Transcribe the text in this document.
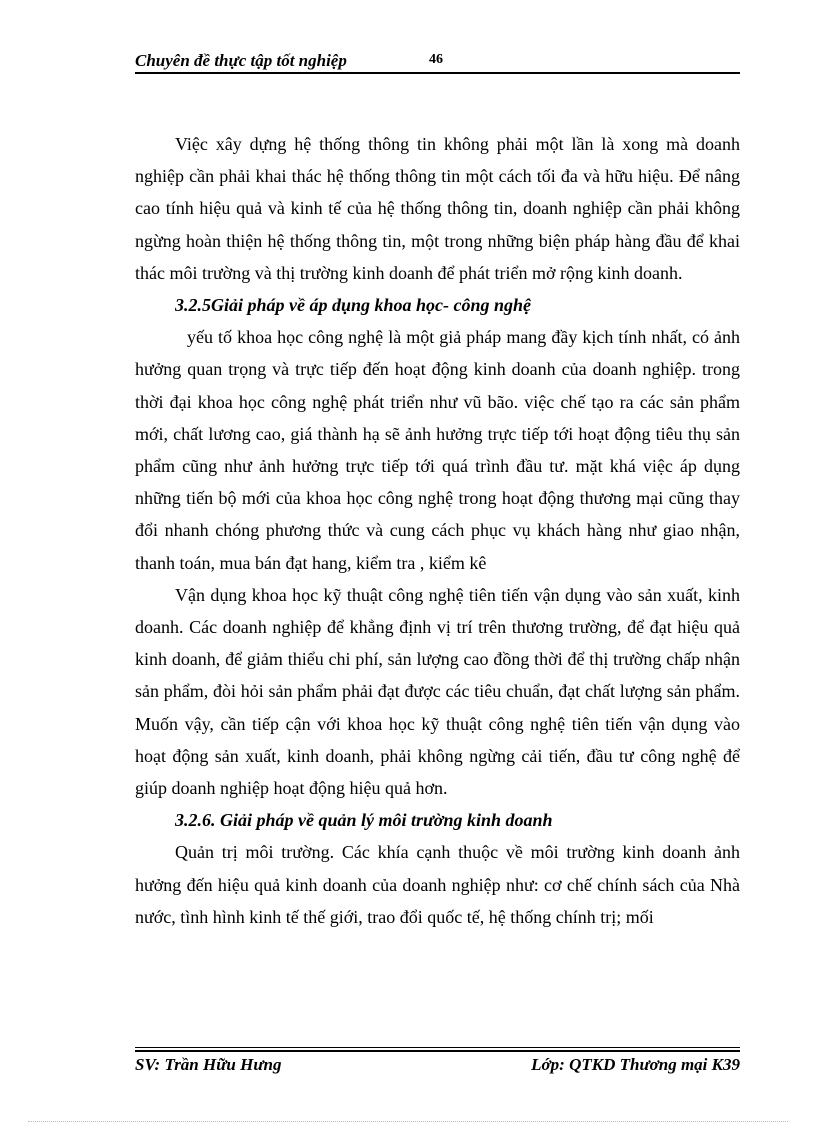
Chuyên đề thực tập tốt nghiệp	46

Việc xây dựng hệ thống thông tin không phải một lần là xong mà doanh nghiệp cần phải khai thác hệ thống thông tin một cách tối đa và hữu hiệu. Để nâng cao tính hiệu quả và kinh tế của hệ thống thông tin, doanh nghiệp cần phải không ngừng hoàn thiện hệ thống thông tin, một trong những biện pháp hàng đầu để khai thác môi trường và thị trường kinh doanh để phát triển mở rộng kinh doanh.

3.2.5Giải pháp về áp dụng khoa học- công nghệ

yếu tố khoa học công nghệ là một giả pháp mang đầy kịch tính nhất, có ảnh hưởng quan trọng và trực tiếp đến hoạt động kinh doanh của doanh nghiệp. trong thời đại khoa học công nghệ phát triển như vũ bão. việc chế tạo ra các sản phẩm mới, chất lương cao, giá thành hạ sẽ ảnh hưởng trực tiếp tới hoạt động tiêu thụ sản phẩm cũng như ảnh hưởng trực tiếp tới quá trình đầu tư. mặt khá việc áp dụng những tiến bộ mới của khoa học công nghệ trong hoạt động thương mại cũng thay đổi nhanh chóng phương thức và cung cách phục vụ khách hàng như giao nhận, thanh toán, mua bán đạt hang, kiểm tra , kiểm kê

Vận dụng khoa học kỹ thuật công nghệ tiên tiến vận dụng vào sản xuất, kinh doanh. Các doanh nghiệp để khẳng định vị trí trên thương trường, để đạt hiệu quả kinh doanh, để giảm thiểu chi phí, sản lượng cao đồng thời để thị trường chấp nhận sản phẩm, đòi hỏi sản phẩm phải đạt được các tiêu chuẩn, đạt chất lượng sản phẩm. Muốn vậy, cần tiếp cận với khoa học kỹ thuật công nghệ tiên tiến vận dụng vào hoạt động sản xuất, kinh doanh, phải không ngừng cải tiến, đầu tư công nghệ để giúp doanh nghiệp hoạt động hiệu quả hơn.

3.2.6. Giải pháp về quản lý môi trường kinh doanh

Quản trị môi trường. Các khía cạnh thuộc về môi trường kinh doanh ảnh hưởng đến hiệu quả kinh doanh của doanh nghiệp như: cơ chế chính sách của Nhà nước, tình hình kinh tế thế giới, trao đổi quốc tế, hệ thống chính trị; mối

SV: Trần Hữu Hưng	Lớp: QTKD Thương mại K39
